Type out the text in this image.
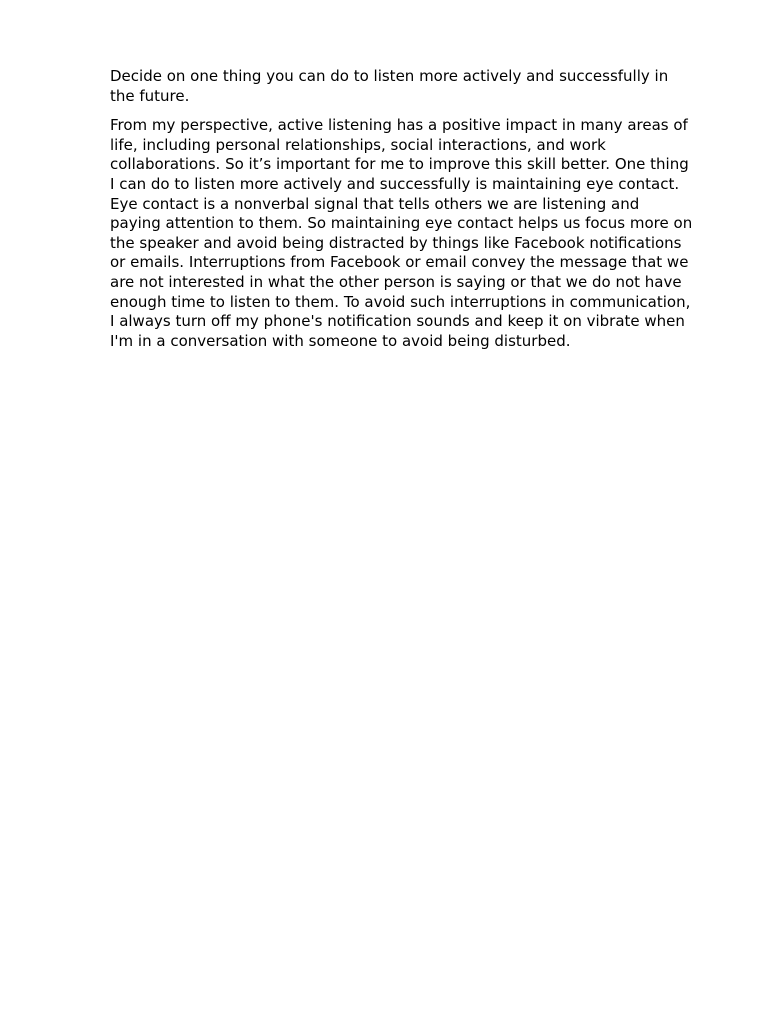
Decide on one thing you can do to listen more actively and successfully in the future.

From my perspective, active listening has a positive impact in many areas of life, including personal relationships, social interactions, and work collaborations. So it’s important for me to improve this skill better. One thing I can do to listen more actively and successfully is maintaining eye contact. Eye contact is a nonverbal signal that tells others we are listening and paying attention to them. So maintaining eye contact helps us focus more on the speaker and avoid being distracted by things like Facebook notifications or emails. Interruptions from Facebook or email convey the message that we are not interested in what the other person is saying or that we do not have enough time to listen to them. To avoid such interruptions in communication, I always turn off my phone's notification sounds and keep it on vibrate when I'm in a conversation with someone to avoid being disturbed.
